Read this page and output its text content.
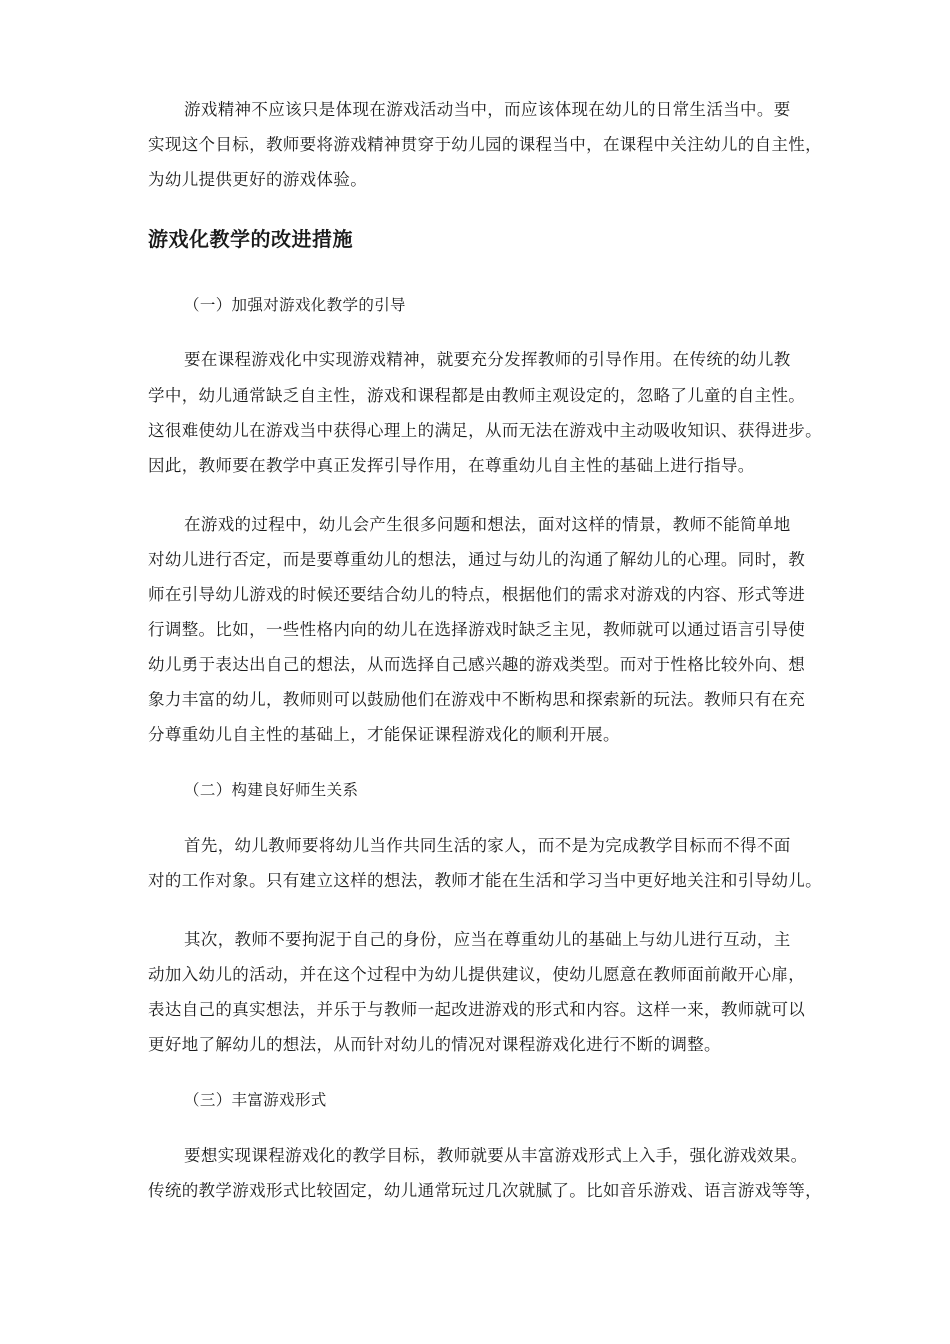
游戏精神不应该只是体现在游戏活动当中，而应该体现在幼儿的日常生活当中。要
实现这个目标，教师要将游戏精神贯穿于幼儿园的课程当中，在课程中关注幼儿的自主性，
为幼儿提供更好的游戏体验。
游戏化教学的改进措施
（一）加强对游戏化教学的引导
要在课程游戏化中实现游戏精神，就要充分发挥教师的引导作用。在传统的幼儿教
学中，幼儿通常缺乏自主性，游戏和课程都是由教师主观设定的，忽略了儿童的自主性。
这很难使幼儿在游戏当中获得心理上的满足，从而无法在游戏中主动吸收知识、获得进步。
因此，教师要在教学中真正发挥引导作用，在尊重幼儿自主性的基础上进行指导。
在游戏的过程中，幼儿会产生很多问题和想法，面对这样的情景，教师不能简单地
对幼儿进行否定，而是要尊重幼儿的想法，通过与幼儿的沟通了解幼儿的心理。同时，教
师在引导幼儿游戏的时候还要结合幼儿的特点，根据他们的需求对游戏的内容、形式等进
行调整。比如，一些性格内向的幼儿在选择游戏时缺乏主见，教师就可以通过语言引导使
幼儿勇于表达出自己的想法，从而选择自己感兴趣的游戏类型。而对于性格比较外向、想
象力丰富的幼儿，教师则可以鼓励他们在游戏中不断构思和探索新的玩法。教师只有在充
分尊重幼儿自主性的基础上，才能保证课程游戏化的顺利开展。
（二）构建良好师生关系
首先，幼儿教师要将幼儿当作共同生活的家人，而不是为完成教学目标而不得不面
对的工作对象。只有建立这样的想法，教师才能在生活和学习当中更好地关注和引导幼儿。
其次，教师不要拘泥于自己的身份，应当在尊重幼儿的基础上与幼儿进行互动，主
动加入幼儿的活动，并在这个过程中为幼儿提供建议，使幼儿愿意在教师面前敞开心扉，
表达自己的真实想法，并乐于与教师一起改进游戏的形式和内容。这样一来，教师就可以
更好地了解幼儿的想法，从而针对幼儿的情况对课程游戏化进行不断的调整。
（三）丰富游戏形式
要想实现课程游戏化的教学目标，教师就要从丰富游戏形式上入手，强化游戏效果。
传统的教学游戏形式比较固定，幼儿通常玩过几次就腻了。比如音乐游戏、语言游戏等等，
